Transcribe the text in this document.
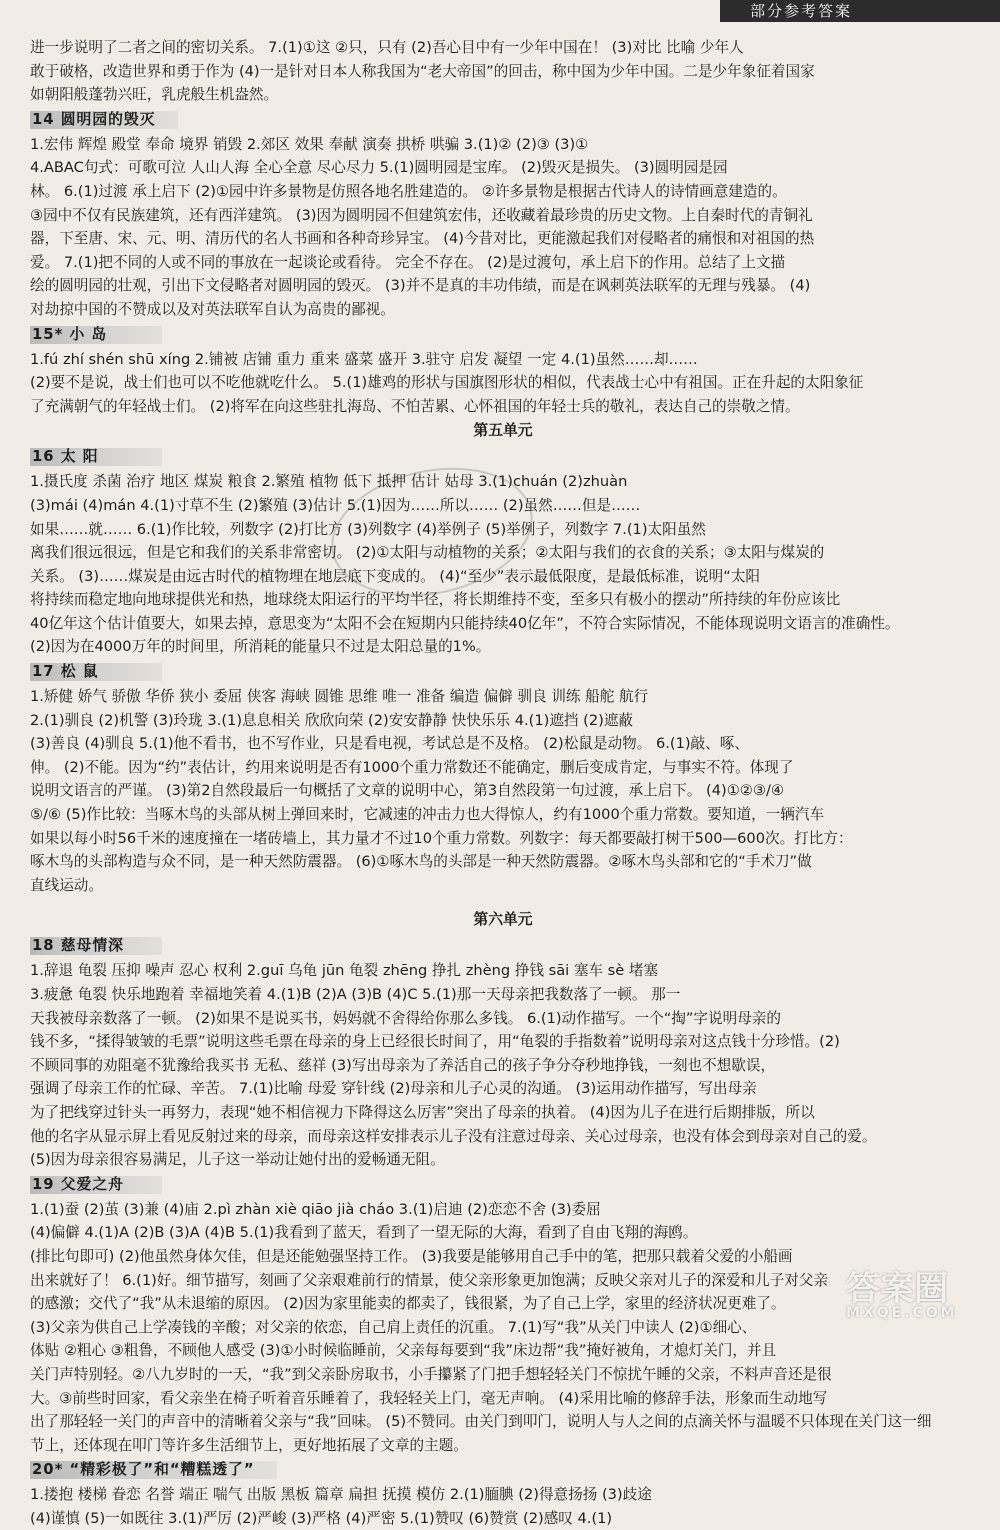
部分参考答案
进一步说明了二者之间的密切关系。 7.(1)①这 ②只，只有 (2)吾心目中有一少年中国在！ (3)对比 比喻 少年人
敢于破格，改造世界和勇于作为 (4)一是针对日本人称我国为“老大帝国”的回击，称中国为少年中国。二是少年象征着国家
如朝阳般蓬勃兴旺，乳虎般生机盎然。
14 圆明园的毁灭
1.宏伟 辉煌 殿堂 奉命 境界 销毁 2.郊区 效果 奉献 演奏 拱桥 哄骗 3.(1)② (2)③ (3)①
4.ABAC句式：可歌可泣 人山人海 全心全意 尽心尽力 5.(1)圆明园是宝库。 (2)毁灭是损失。 (3)圆明园是园
林。 6.(1)过渡 承上启下 (2)①园中许多景物是仿照各地名胜建造的。 ②许多景物是根据古代诗人的诗情画意建造的。
③园中不仅有民族建筑，还有西洋建筑。 (3)因为圆明园不但建筑宏伟，还收藏着最珍贵的历史文物。上自秦时代的青铜礼
器，下至唐、宋、元、明、清历代的名人书画和各种奇珍异宝。 (4)今昔对比，更能激起我们对侵略者的痛恨和对祖国的热
爱。 7.(1)把不同的人或不同的事放在一起谈论或看待。 完全不存在。 (2)是过渡句，承上启下的作用。总结了上文描
绘的圆明园的壮观，引出下文侵略者对圆明园的毁灭。 (3)并不是真的丰功伟绩，而是在讽刺英法联军的无理与残暴。 (4)
对劫掠中国的不赞成以及对英法联军自认为高贵的鄙视。
15* 小 岛
1.fú zhí shén shū xíng 2.铺被 店铺 重力 重来 盛菜 盛开 3.驻守 启发 凝望 一定 4.(1)虽然……却……
(2)要不是说，战士们也可以不吃他就吃什么。 5.(1)雄鸡的形状与国旗图形状的相似，代表战士心中有祖国。正在升起的太阳象征
了充满朝气的年轻战士们。 (2)将军在向这些驻扎海岛、不怕苦累、心怀祖国的年轻士兵的敬礼，表达自己的崇敬之情。
第五单元
16 太 阳
1.摄氏度 杀菌 治疗 地区 煤炭 粮食 2.繁殖 植物 低下 抵押 估计 姑母 3.(1)chuán (2)zhuàn
(3)mái (4)mán 4.(1)寸草不生 (2)繁殖 (3)估计 5.(1)因为……所以…… (2)虽然……但是……
如果……就…… 6.(1)作比较，列数字 (2)打比方 (3)列数字 (4)举例子 (5)举例子，列数字 7.(1)太阳虽然
离我们很远很远，但是它和我们的关系非常密切。 (2)①太阳与动植物的关系；②太阳与我们的衣食的关系；③太阳与煤炭的
关系。 (3)……煤炭是由远古时代的植物埋在地层底下变成的。 (4)“至少”表示最低限度，是最低标准，说明“太阳
将持续而稳定地向地球提供光和热，地球绕太阳运行的平均半径，将长期维持不变，至多只有极小的摆动”所持续的年份应该比
40亿年这个估计值要大，如果去掉，意思变为“太阳不会在短期内只能持续40亿年”，不符合实际情况，不能体现说明文语言的准确性。
(2)因为在4000万年的时间里，所消耗的能量只不过是太阳总量的1%。
17 松 鼠
1.矫健 娇气 骄傲 华侨 狭小 委屈 侠客 海峡 圆锥 思维 唯一 准备 编造 偏僻 驯良 训练 船舵 航行
2.(1)驯良 (2)机警 (3)玲珑 3.(1)息息相关 欣欣向荣 (2)安安静静 快快乐乐 4.(1)遮挡 (2)遮蔽
(3)善良 (4)驯良 5.(1)他不看书，也不写作业，只是看电视，考试总是不及格。 (2)松鼠是动物。 6.(1)敲、啄、
伸。 (2)不能。因为“约”表估计，约用来说明是否有1000个重力常数还不能确定，删后变成肯定，与事实不符。体现了
说明文语言的严谨。 (3)第2自然段最后一句概括了文章的说明中心，第3自然段第一句过渡，承上启下。 (4)①②③/④
⑤/⑥ (5)作比较：当啄木鸟的头部从树上弹回来时，它减速的冲击力也大得惊人，约有1000个重力常数。要知道，一辆汽车
如果以每小时56千米的速度撞在一堵砖墙上，其力量才不过10个重力常数。列数字：每天都要敲打树干500—600次。打比方：
啄木鸟的头部构造与众不同，是一种天然防震器。 (6)①啄木鸟的头部是一种天然防震器。②啄木鸟头部和它的“手术刀”做
直线运动。
第六单元
18 慈母情深
1.辞退 龟裂 压抑 噪声 忍心 权利 2.guī 乌龟 jūn 龟裂 zhēng 挣扎 zhèng 挣钱 sāi 塞车 sè 堵塞
3.疲惫 龟裂 快乐地跑着 幸福地笑着 4.(1)B (2)A (3)B (4)C 5.(1)那一天母亲把我数落了一顿。 那一
天我被母亲数落了一顿。 (2)如果不是说买书，妈妈就不舍得给你那么多钱。 6.(1)动作描写。一个“掏”字说明母亲的
钱不多，“揉得皱皱的毛票”说明这些毛票在母亲的身上已经很长时间了，用“龟裂的手指数着”说明母亲对这点钱十分珍惜。(2)
不顾同事的劝阻毫不犹豫给我买书 无私、慈祥 (3)写出母亲为了养活自己的孩子争分夺秒地挣钱，一刻也不想歇误，
强调了母亲工作的忙碌、辛苦。 7.(1)比喻 母爱 穿针线 (2)母亲和儿子心灵的沟通。 (3)运用动作描写，写出母亲
为了把线穿过针头一再努力，表现“她不相信视力下降得这么厉害”突出了母亲的执着。 (4)因为儿子在进行后期排版，所以
他的名字从显示屏上看见反射过来的母亲，而母亲这样安排表示儿子没有注意过母亲、关心过母亲，也没有体会到母亲对自己的爱。
(5)因为母亲很容易满足，儿子这一举动让她付出的爱畅通无阻。
19 父爱之舟
1.(1)蚕 (2)茧 (3)兼 (4)庙 2.pì zhàn xiè qiāo jià cháo 3.(1)启迪 (2)恋恋不舍 (3)委屈
(4)偏僻 4.(1)A (2)B (3)A (4)B 5.(1)我看到了蓝天，看到了一望无际的大海，看到了自由飞翔的海鸥。
(排比句即可) (2)他虽然身体欠佳，但是还能勉强坚持工作。 (3)我要是能够用自己手中的笔，把那只载着父爱的小船画
出来就好了！ 6.(1)好。细节描写，刻画了父亲艰难前行的情景，使父亲形象更加饱满；反映父亲对儿子的深爱和儿子对父亲
的感激；交代了“我”从未退缩的原因。 (2)因为家里能卖的都卖了，钱很紧，为了自己上学，家里的经济状况更难了。
(3)父亲为供自己上学凑钱的辛酸；对父亲的依恋，自己肩上责任的沉重。 7.(1)写“我”从关门中读人 (2)①细心、
体贴 ②粗心 ③粗鲁，不顾他人感受 (3)①小时候临睡前，父亲每每要到“我”床边帮“我”掩好被角，才熄灯关门，并且
关门声特别轻。②八九岁时的一天，“我”到父亲卧房取书，小手攥紧了门把手想轻轻关门不惊扰午睡的父亲，不料声音还是很
大。③前些时回家，看父亲坐在椅子听着音乐睡着了，我轻轻关上门，毫无声响。 (4)采用比喻的修辞手法，形象而生动地写
出了那轻轻一关门的声音中的清晰着父亲与“我”回味。 (5)不赞同。由关门到叩门，说明人与人之间的点滴关怀与温暖不只体现在关门这一细
节上，还体现在叩门等许多生活细节上，更好地拓展了文章的主题。
20* “精彩极了”和“糟糕透了”
1.搂抱 楼梯 眷恋 名誉 端正 喘气 出版 黑板 篇章 扁担 抚摸 模仿 2.(1)腼腆 (2)得意扬扬 (3)歧途
(4)谨慎 (5)一如既往 3.(1)严厉 (2)严峻 (3)严格 (4)严密 5.(1)赞叹 (6)赞赏 (2)感叹 4.(1)
答案圈
MXQE.COM
